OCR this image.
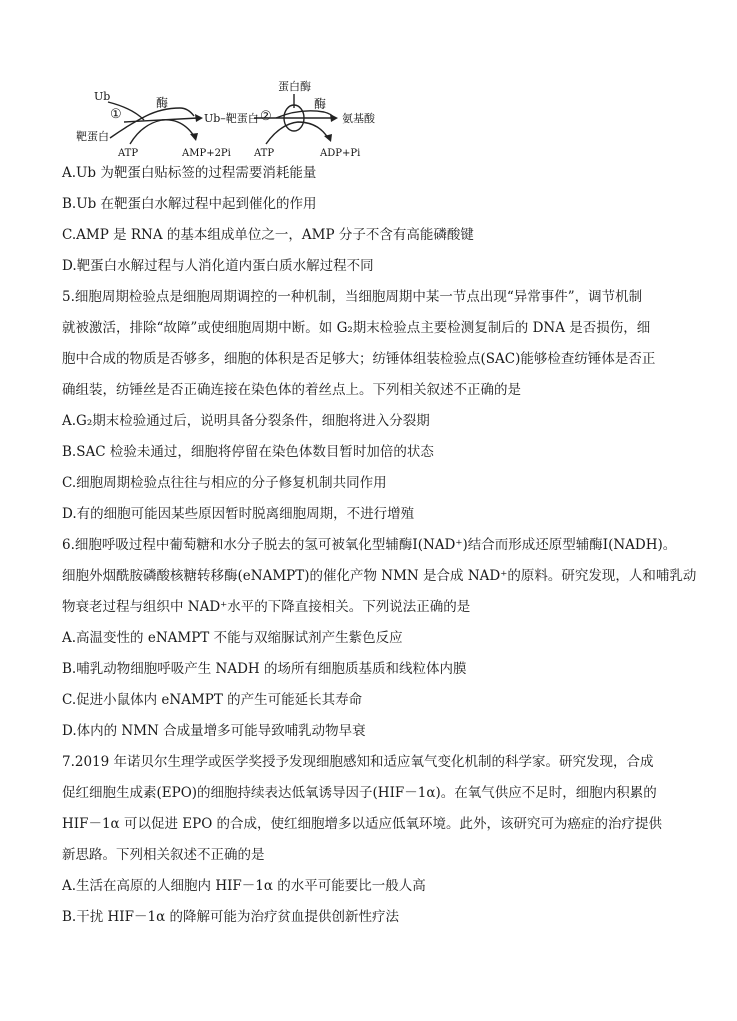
Ub
靶蛋白
①
酶
Ub–靶蛋白
ATP	AMP+2Pi
蛋白酶
②
酶
氨基酸
ATP	ADP+Pi
A.Ub 为靶蛋白贴标签的过程需要消耗能量
B.Ub 在靶蛋白水解过程中起到催化的作用
C.AMP 是 RNA 的基本组成单位之一，AMP 分子不含有高能磷酸键
D.靶蛋白水解过程与人消化道内蛋白质水解过程不同
5.细胞周期检验点是细胞周期调控的一种机制，当细胞周期中某一节点出现“异常事件”，调节机制
就被激活，排除“故障”或使细胞周期中断。如 G₂期末检验点主要检测复制后的 DNA 是否损伤，细
胞中合成的物质是否够多，细胞的体积是否足够大；纺锤体组装检验点(SAC)能够检查纺锤体是否正
确组装，纺锤丝是否正确连接在染色体的着丝点上。下列相关叙述不正确的是
A.G₂期末检验通过后，说明具备分裂条件，细胞将进入分裂期
B.SAC 检验未通过，细胞将停留在染色体数目暂时加倍的状态
C.细胞周期检验点往往与相应的分子修复机制共同作用
D.有的细胞可能因某些原因暂时脱离细胞周期，不进行增殖
6.细胞呼吸过程中葡萄糖和水分子脱去的氢可被氧化型辅酶Ⅰ(NAD⁺)结合而形成还原型辅酶Ⅰ(NADH)。
细胞外烟酰胺磷酸核糖转移酶(eNAMPT)的催化产物 NMN 是合成 NAD⁺的原料。研究发现，人和哺乳动
物衰老过程与组织中 NAD⁺水平的下降直接相关。下列说法正确的是
A.高温变性的 eNAMPT 不能与双缩脲试剂产生紫色反应
B.哺乳动物细胞呼吸产生 NADH 的场所有细胞质基质和线粒体内膜
C.促进小鼠体内 eNAMPT 的产生可能延长其寿命
D.体内的 NMN 合成量增多可能导致哺乳动物早衰
7.2019 年诺贝尔生理学或医学奖授予发现细胞感知和适应氧气变化机制的科学家。研究发现，合成
促红细胞生成素(EPO)的细胞持续表达低氧诱导因子(HIF－1α)。在氧气供应不足时，细胞内积累的
HIF－1α 可以促进 EPO 的合成，使红细胞增多以适应低氧环境。此外，该研究可为癌症的治疗提供
新思路。下列相关叙述不正确的是
A.生活在高原的人细胞内 HIF－1α 的水平可能要比一般人高
B.干扰 HIF－1α 的降解可能为治疗贫血提供创新性疗法
